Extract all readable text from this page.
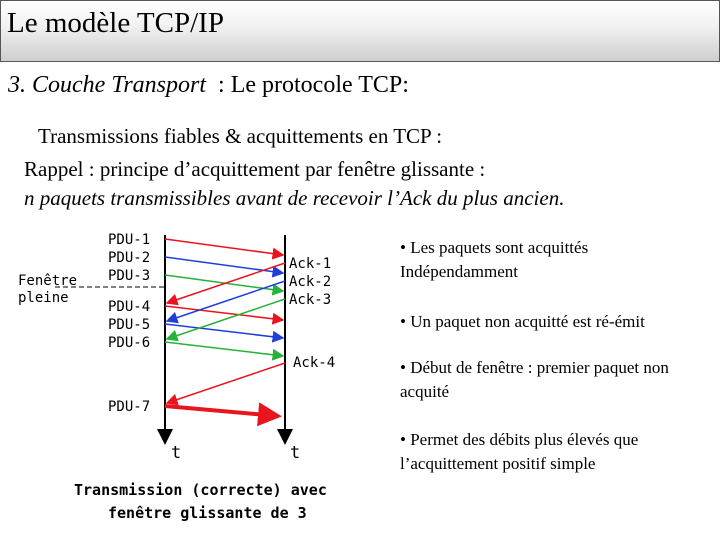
Le modèle TCP/IP
3. Couche Transport  : Le protocole TCP:
Transmissions fiables & acquittements en TCP :
Rappel : principe d’acquittement par fenêtre glissante :
n paquets transmissibles avant de recevoir l’Ack du plus ancien.
PDU-1
PDU-2
PDU-3
PDU-4
PDU-5
PDU-6
PDU-7
Fenêtre
pleine
Ack-1
Ack-2
Ack-3
Ack-4
t	t
Transmission (correcte) avec
fenêtre glissante de 3
• Les paquets sont acquittés Indépendamment
• Un paquet non acquitté est ré-émit
• Début de fenêtre : premier paquet non acquité
• Permet des débits plus élevés que l’acquittement positif simple
